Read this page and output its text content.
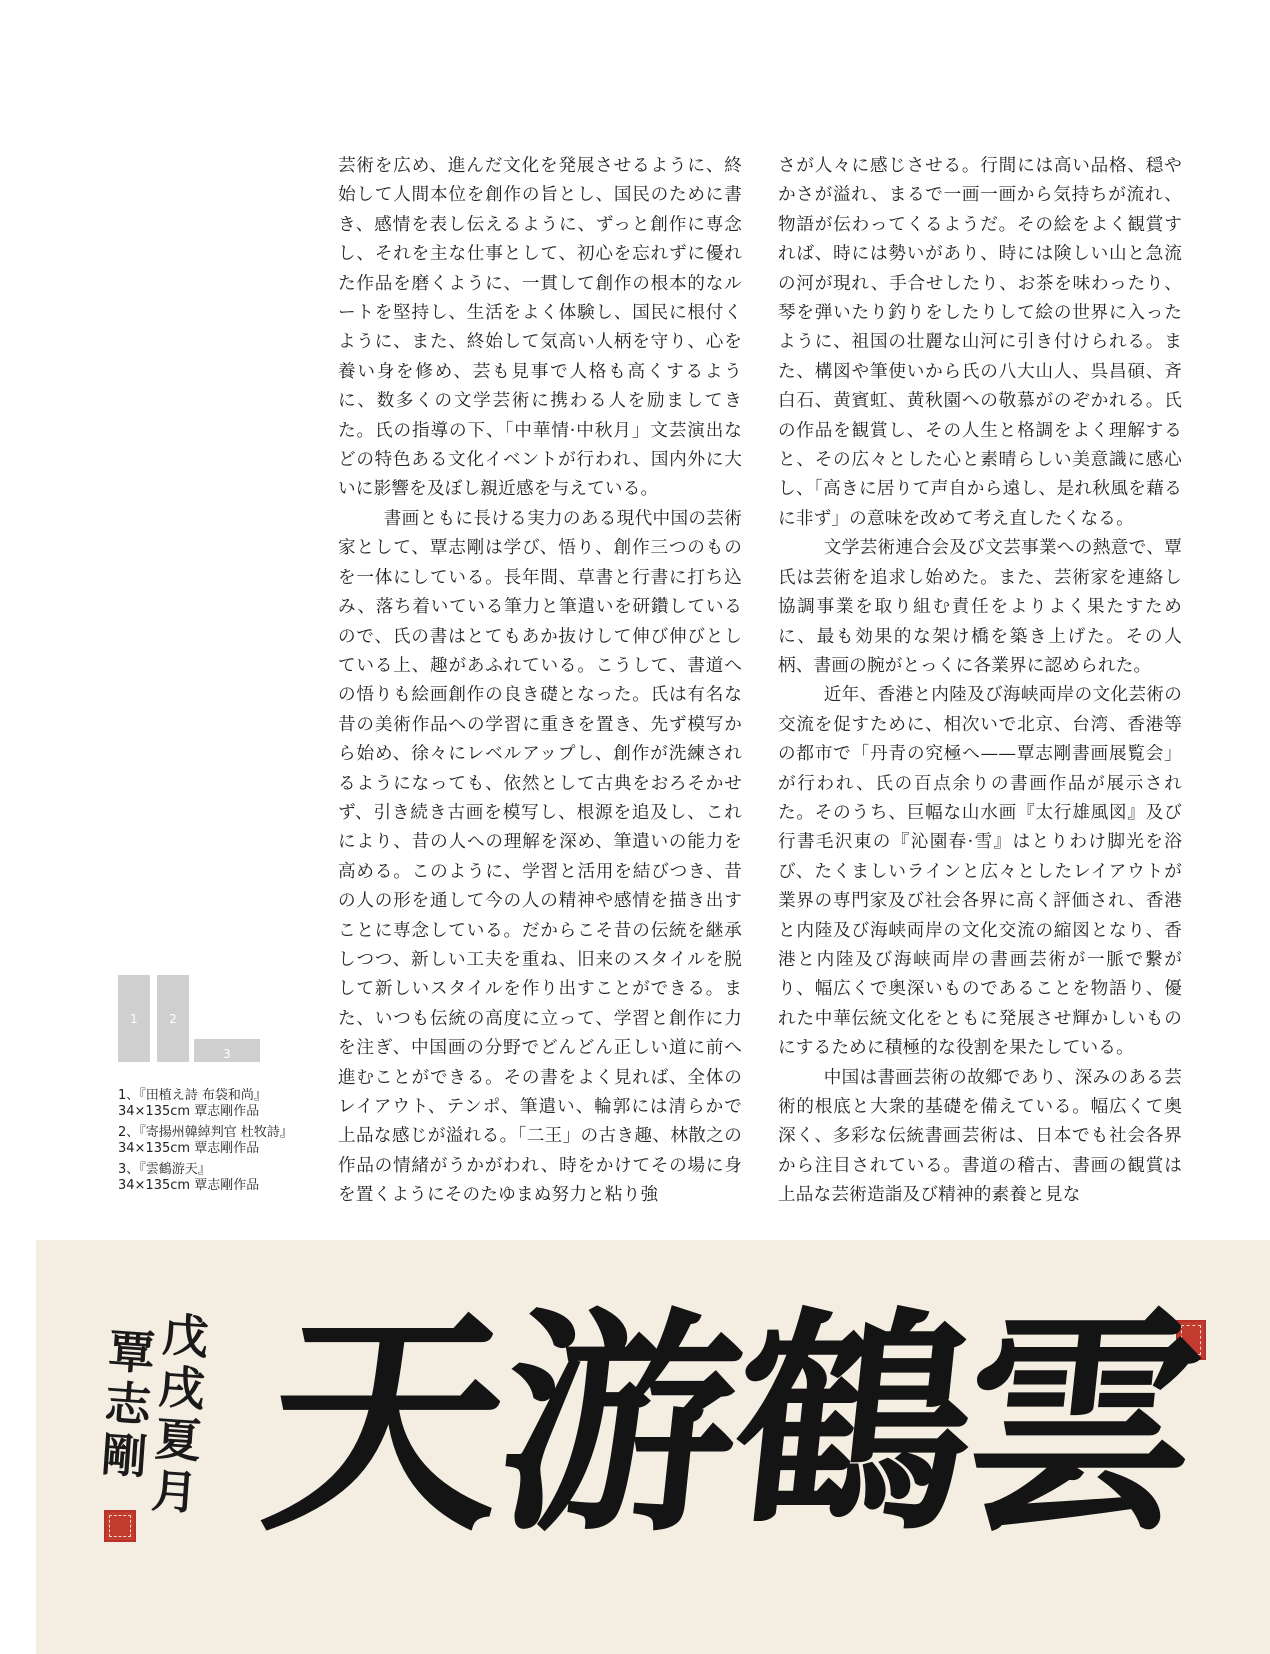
芸術を広め、進んだ文化を発展させるように、終始して人間本位を創作の旨とし、国民のために書き、感情を表し伝えるように、ずっと創作に専念し、それを主な仕事として、初心を忘れずに優れた作品を磨くように、一貫して創作の根本的なルートを堅持し、生活をよく体験し、国民に根付くように、また、終始して気高い人柄を守り、心を養い身を修め、芸も見事で人格も高くするように、数多くの文学芸術に携わる人を励ましてきた。氏の指導の下、「中華情·中秋月」文芸演出などの特色ある文化イベントが行われ、国内外に大いに影響を及ぼし親近感を与えている。

書画ともに長ける実力のある現代中国の芸術家として、覃志剛は学び、悟り、創作三つのものを一体にしている。長年間、草書と行書に打ち込み、落ち着いている筆力と筆遣いを研鑽しているので、氏の書はとてもあか抜けして伸び伸びとしている上、趣があふれている。こうして、書道への悟りも絵画創作の良き礎となった。氏は有名な昔の美術作品への学習に重きを置き、先ず模写から始め、徐々にレベルアップし、創作が洗練されるようになっても、依然として古典をおろそかせず、引き続き古画を模写し、根源を追及し、これにより、昔の人への理解を深め、筆遣いの能力を高める。このように、学習と活用を結びつき、昔の人の形を通して今の人の精神や感情を描き出すことに専念している。だからこそ昔の伝統を継承しつつ、新しい工夫を重ね、旧来のスタイルを脱して新しいスタイルを作り出すことができる。また、いつも伝統の高度に立って、学習と創作に力を注ぎ、中国画の分野でどんどん正しい道に前へ進むことができる。その書をよく見れば、全体のレイアウト、テンポ、筆遣い、輪郭には清らかで上品な感じが溢れる。「二王」の古き趣、林散之の作品の情緒がうかがわれ、時をかけてその場に身を置くようにそのたゆまぬ努力と粘り強

さが人々に感じさせる。行間には高い品格、穏やかさが溢れ、まるで一画一画から気持ちが流れ、物語が伝わってくるようだ。その絵をよく観賞すれば、時には勢いがあり、時には険しい山と急流の河が現れ、手合せしたり、お茶を味わったり、琴を弾いたり釣りをしたりして絵の世界に入ったように、祖国の壮麗な山河に引き付けられる。また、構図や筆使いから氏の八大山人、呉昌碩、斉白石、黄賓虹、黄秋園への敬慕がのぞかれる。氏の作品を観賞し、その人生と格調をよく理解すると、その広々とした心と素晴らしい美意識に感心し、「高きに居りて声自から遠し、是れ秋風を藉るに非ず」の意味を改めて考え直したくなる。

文学芸術連合会及び文芸事業への熱意で、覃氏は芸術を追求し始めた。また、芸術家を連絡し協調事業を取り組む責任をよりよく果たすために、最も効果的な架け橋を築き上げた。その人柄、書画の腕がとっくに各業界に認められた。

近年、香港と内陸及び海峡両岸の文化芸術の交流を促すために、相次いで北京、台湾、香港等の都市で「丹青の究極へ——覃志剛書画展覧会」が行われ、氏の百点余りの書画作品が展示された。そのうち、巨幅な山水画『太行雄風図』及び行書毛沢東の『沁園春·雪』はとりわけ脚光を浴び、たくましいラインと広々としたレイアウトが業界の専門家及び社会各界に高く評価され、香港と内陸及び海峡両岸の文化交流の縮図となり、香港と内陸及び海峡両岸の書画芸術が一脈で繋がり、幅広くで奥深いものであることを物語り、優れた中華伝統文化をともに発展させ輝かしいものにするために積極的な役割を果たしている。

中国は書画芸術の故郷であり、深みのある芸術的根底と大衆的基礎を備えている。幅広くて奥深く、多彩な伝統書画芸術は、日本でも社会各界から注目されている。書道の稽古、書画の観賞は上品な芸術造詣及び精神的素養と見な

1	2
3
1、『田植え詩 布袋和尚』
34×135cm 覃志剛作品
2、『寄揚州韓綽判官 杜牧詩』
34×135cm 覃志剛作品
3、『雲鶴游天』
34×135cm 覃志剛作品
戊
戌
夏
月
覃
志
剛 天
游
鶴
雲
